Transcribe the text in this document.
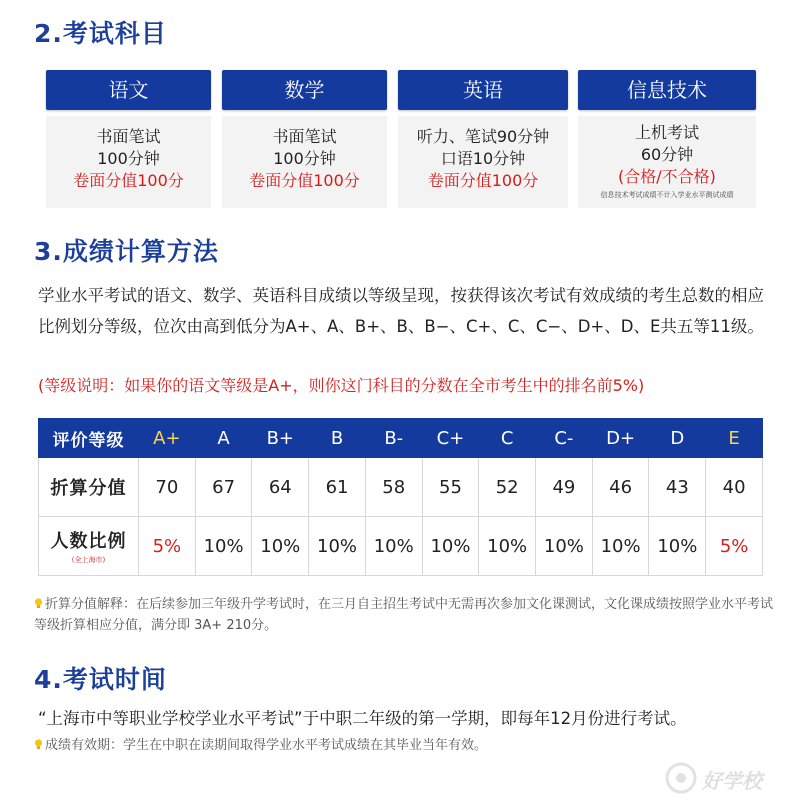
2.考试科目
语文
书面笔试
100分钟
卷面分值100分
数学
书面笔试
100分钟
卷面分值100分
英语
听力、笔试90分钟
口语10分钟
卷面分值100分
信息技术
上机考试
60分钟
(合格/不合格)
信息技术考试成绩不计入学业水平测试成绩
3.成绩计算方法
学业水平考试的语文、数学、英语科目成绩以等级呈现，按获得该次考试有效成绩的考生总数的相应比例划分等级，位次由高到低分为A+、A、B+、B、B−、C+、C、C−、D+、D、E共五等11级。
(等级说明：如果你的语文等级是A+，则你这门科目的分数在全市考生中的排名前5%)
评价等级	A+	A	B+	B	B-	C+	C	C-	D+	D	E
折算分值	70	67	64	61	58	55	52	49	46	43	40
人数比例
(全上海市)	5%	10%	10%	10%	10%	10%	10%	10%	10%	10%	5%
折算分值解释：在后续参加三年级升学考试时，在三月自主招生考试中无需再次参加文化课测试，文化课成绩按照学业水平考试等级折算相应分值，满分即 3A+ 210分。
4.考试时间
“上海市中等职业学校学业水平考试”于中职二年级的第一学期，即每年12月份进行考试。
成绩有效期：学生在中职在读期间取得学业水平考试成绩在其毕业当年有效。
好学校
